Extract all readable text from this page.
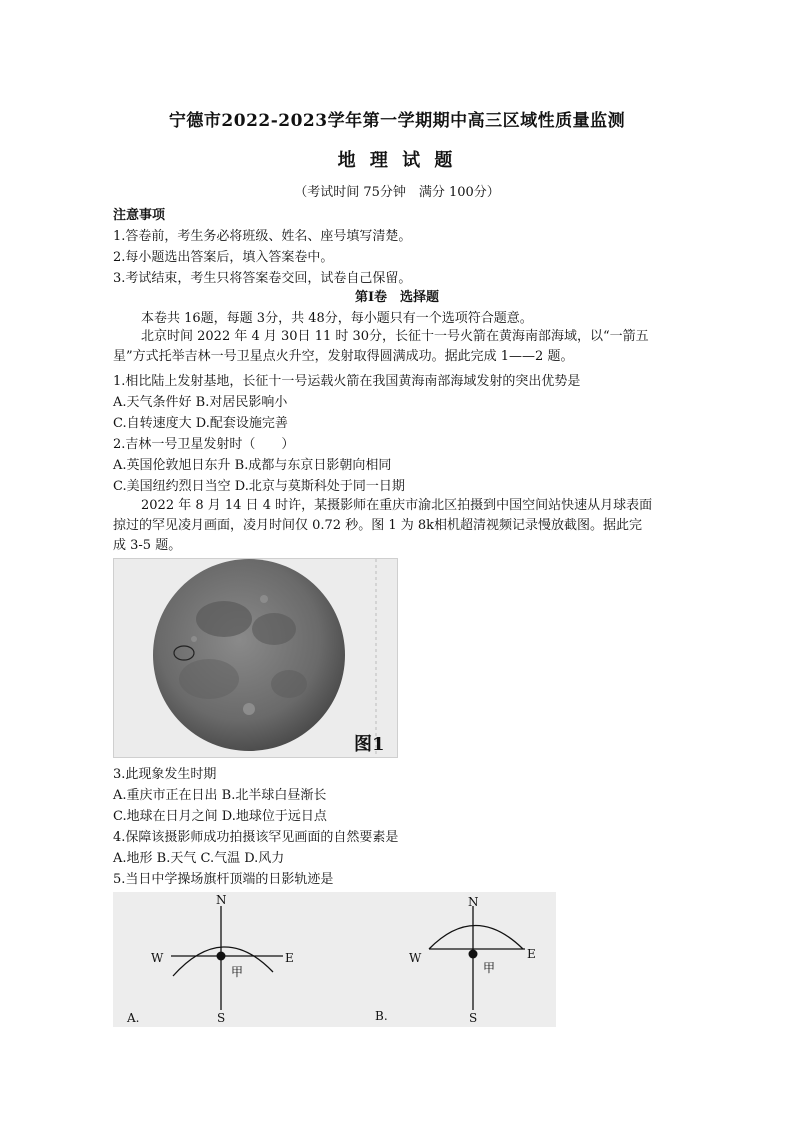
宁德市2022-2023学年第一学期期中高三区域性质量监测
地 理 试 题
（考试时间 75分钟　满分 100分）
注意事项
1.答卷前，考生务必将班级、姓名、座号填写清楚。
2.每小题选出答案后，填入答案卷中。
3.考试结束，考生只将答案卷交回，试卷自己保留。
第Ⅰ卷　选择题
本卷共 16题，每题 3分，共 48分，每小题只有一个选项符合题意。
北京时间 2022 年 4 月 30日 11 时 30分，长征十一号火箭在黄海南部海域，以“一箭五星”方式托举吉林一号卫星点火升空，发射取得圆满成功。据此完成 1——2 题。
1.相比陆上发射基地，长征十一号运载火箭在我国黄海南部海域发射的突出优势是
A.天气条件好 B.对居民影响小
C.自转速度大 D.配套设施完善
2.吉林一号卫星发射时（　　）
A.英国伦敦旭日东升 B.成都与东京日影朝向相同
C.美国纽约烈日当空 D.北京与莫斯科处于同一日期
2022 年 8 月 14 日 4 时许，某摄影师在重庆市渝北区拍摄到中国空间站快速从月球表面掠过的罕见凌月画面，凌月时间仅 0.72 秒。图 1 为 8k相机超清视频记录慢放截图。据此完成 3-5 题。
图1
3.此现象发生时期
A.重庆市正在日出 B.北半球白昼渐长
C.地球在日月之间 D.地球位于远日点
4.保障该摄影师成功拍摄该罕见画面的自然要素是
A.地形 B.天气 C.气温 D.风力
5.当日中学操场旗杆顶端的日影轨迹是
N
S
W	E
甲
A.
N
S
W	E
甲
B.
